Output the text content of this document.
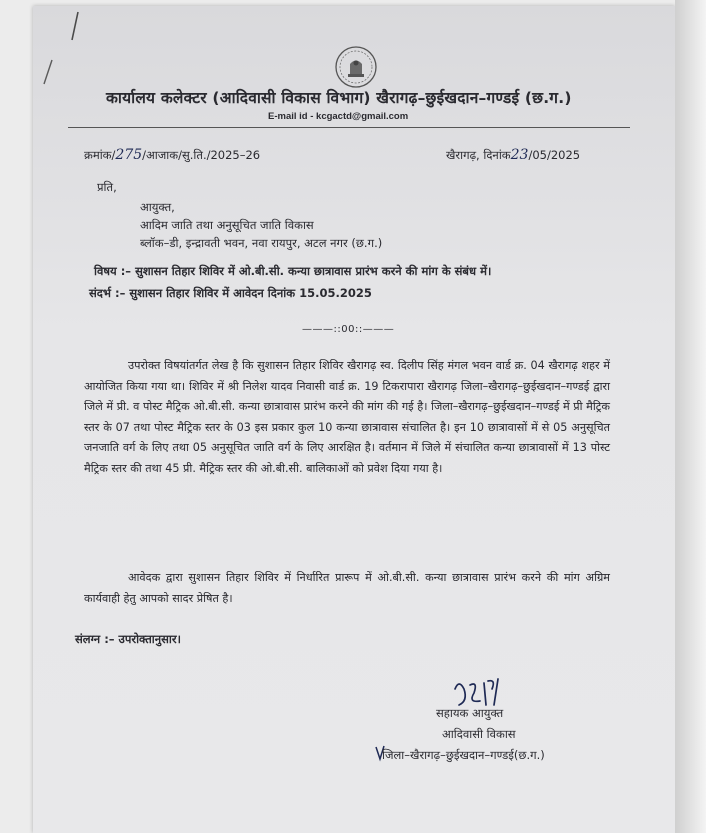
कार्यालय कलेक्टर (आदिवासी विकास विभाग) खैरागढ़–छुईखदान–गण्डई (छ.ग.)
E-mail id - kcgactd@gmail.com
क्रमांक/275/आजाक/सु.ति./2025–26	खैरागढ़, दिनांक23/05/2025
प्रति,
आयुक्त,
आदिम जाति तथा अनुसूचित जाति विकास
ब्लॉक–डी, इन्द्रावती भवन, नवा रायपुर, अटल नगर (छ.ग.)
विषय :– सुशासन तिहार शिविर में ओ.बी.सी. कन्या छात्रावास प्रारंभ करने की मांग के संबंध में।
संदर्भ :– सुशासन तिहार शिविर में आवेदन दिनांक 15.05.2025
———::00::———
उपरोक्त विषयांतर्गत लेख है कि सुशासन तिहार शिविर खैरागढ़ स्व. दिलीप सिंह मंगल भवन वार्ड क्र. 04 खैरागढ़ शहर में आयोजित किया गया था। शिविर में श्री निलेश यादव निवासी वार्ड क्र. 19 टिकरापारा खैरागढ़ जिला–खैरागढ़–छुईखदान–गण्डई द्वारा जिले में प्री. व पोस्ट मैट्रिक ओ.बी.सी. कन्या छात्रावास प्रारंभ करने की मांग की गई है। जिला–खैरागढ़–छुईखदान–गण्डई में प्री मैट्रिक स्तर के 07 तथा पोस्ट मैट्रिक स्तर के 03 इस प्रकार कुल 10 कन्या छात्रावास संचालित है। इन 10 छात्रावासों में से 05 अनुसूचित जनजाति वर्ग के लिए तथा 05 अनुसूचित जाति वर्ग के लिए आरक्षित है। वर्तमान में जिले में संचालित कन्या छात्रावासों में 13 पोस्ट मैट्रिक स्तर की तथा 45 प्री. मैट्रिक स्तर की ओ.बी.सी. बालिकाओं को प्रवेश दिया गया है।
आवेदक द्वारा सुशासन तिहार शिविर में निर्धारित प्रारूप में ओ.बी.सी. कन्या छात्रावास प्रारंभ करने की मांग अग्रिम कार्यवाही हेतु आपको सादर प्रेषित है।
संलग्न :– उपरोक्तानुसार।
सहायक आयुक्त
आदिवासी विकास
जिला–खैरागढ़–छुईखदान–गण्डई(छ.ग.)
